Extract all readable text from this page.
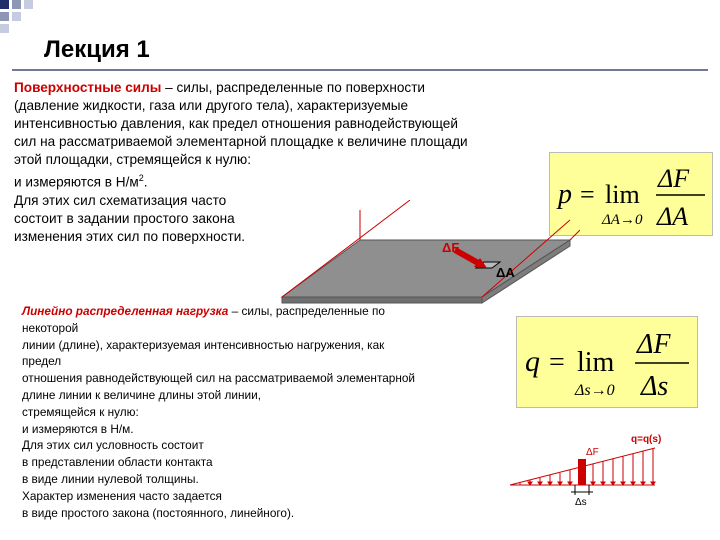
Лекция 1
Поверхностные силы – силы, распределенные по поверхности
(давление жидкости, газа или другого тела), характеризуемые
интенсивностью давления, как предел отношения равнодействующей
сил на рассматриваемой элементарной площадке к величине площади
этой площадки, стремящейся к нулю:
и измеряются в $Н/м^2$.
Для этих сил схематизация часто
состоит в задании простого закона
изменения этих сил по поверхности.
p = lim
ΔA→0
ΔF
ΔA
ΔF
ΔA
Линейно распределенная нагрузка – силы, распределенные по
некоторой
линии (длине), характеризуемая интенсивностью нагружения, как
предел
отношения равнодействующей сил на рассматриваемой элементарной
длине линии к величине длины этой линии,
стремящейся к нулю:
и измеряются в Н/м.
Для этих сил условность состоит
в представлении области контакта
в виде линии нулевой толщины.
Характер изменения часто задается
в виде простого закона (постоянного, линейного).
q = lim
Δs→0
ΔF
Δs
ΔF
q=q(s)
Δs
